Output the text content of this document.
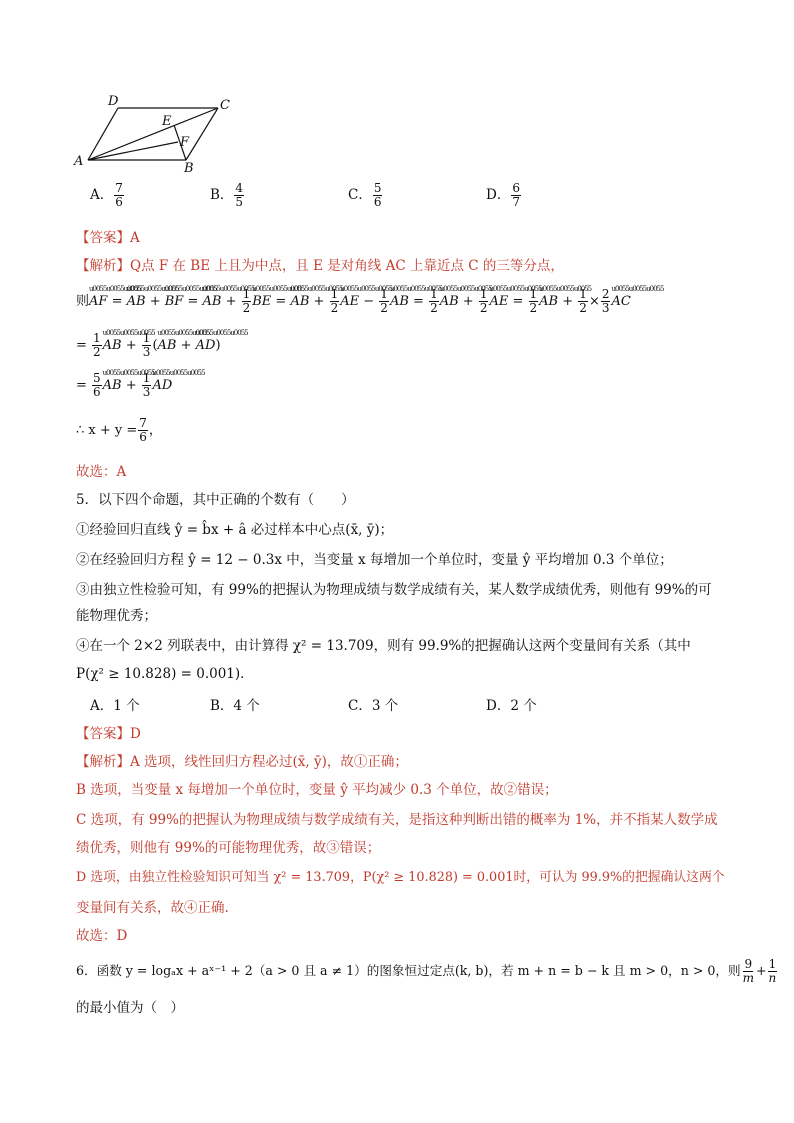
D	C
E
F
A	B
A． $\frac{7}{6}$	B． $\frac{4}{5}$	C． $\frac{5}{6}$	D． $\frac{6}{7}$
【答案】A
【解析】Q点 F 在 BE 上且为中点，且 E 是对角线 AC 上靠近点 C 的三等分点，
则u0055u0055u0055 AF = u0055u0055u0055 AB + u0055u0055u0055 BF = u0055u0055u0055 AB + $\frac{1}{2}$
u0055u0055u0055 BE = u0055u0055u0055 AB + $\frac{1}{2}$
u0055u0055u0055 AE − $\frac{1}{2}$
u0055u0055u0055 AB = $\frac{1}{2}$
u0055u0055u0055 AB + $\frac{1}{2}$
u0055u0055u0055 AE = $\frac{1}{2}$
u0055u0055u0055 AB + $\frac{1}{2} \times \frac{2}{3}$
u0055u0055u0055 AC
= $\frac{1}{2}$
u0055u0055u0055 AB + $\frac{1}{3} (u0055u0055u0055$ AB + u0055u0055u0055 AD)
= $\frac{5}{6}$
u0055u0055u0055 AB + $\frac{1}{3}$
u0055u0055u0055 AD
∴ $x + y = \frac{7}{6}$ ，
故选：A
5．以下四个命题，其中正确的个数有（　　）
①经验回归直线 ŷ = b̂x + â 必过样本中心点(x̄, ȳ)；
②在经验回归方程 ŷ = 12 − 0.3x 中，当变量 x 每增加一个单位时，变量 ŷ 平均增加 0.3 个单位；
③由独立性检验可知，有 99%的把握认为物理成绩与数学成绩有关，某人数学成绩优秀，则他有 99%的可
能物理优秀；
④在一个 2×2 列联表中，由计算得 χ² = 13.709，则有 99.9%的把握确认这两个变量间有关系（其中
P(χ² ≥ 10.828) = 0.001)．
A．1 个	B．4 个	C．3 个	D．2 个
【答案】D
【解析】A 选项，线性回归方程必过(x̄, ȳ)，故①正确；
B 选项，当变量 x 每增加一个单位时，变量 ŷ 平均减少 0.3 个单位，故②错误；
C 选项，有 99%的把握认为物理成绩与数学成绩有关，是指这种判断出错的概率为 1%，并不指某人数学成
绩优秀，则他有 99%的可能物理优秀，故③错误；
D 选项，由独立性检验知识可知当 χ² = 13.709，P(χ² ≥ 10.828) = 0.001时，可认为 99.9%的把握确认这两个
变量间有关系，故④正确.
故选：D
6．函数 y = logₐx + aˣ⁻¹ + 2（a > 0 且 a ≠ 1）的图象恒过定点(k, b)，若 m + n = b − k 且 m > 0，n > 0，则 $\frac{9}{m} + \frac{1}{n}$
的最小值为（　）
